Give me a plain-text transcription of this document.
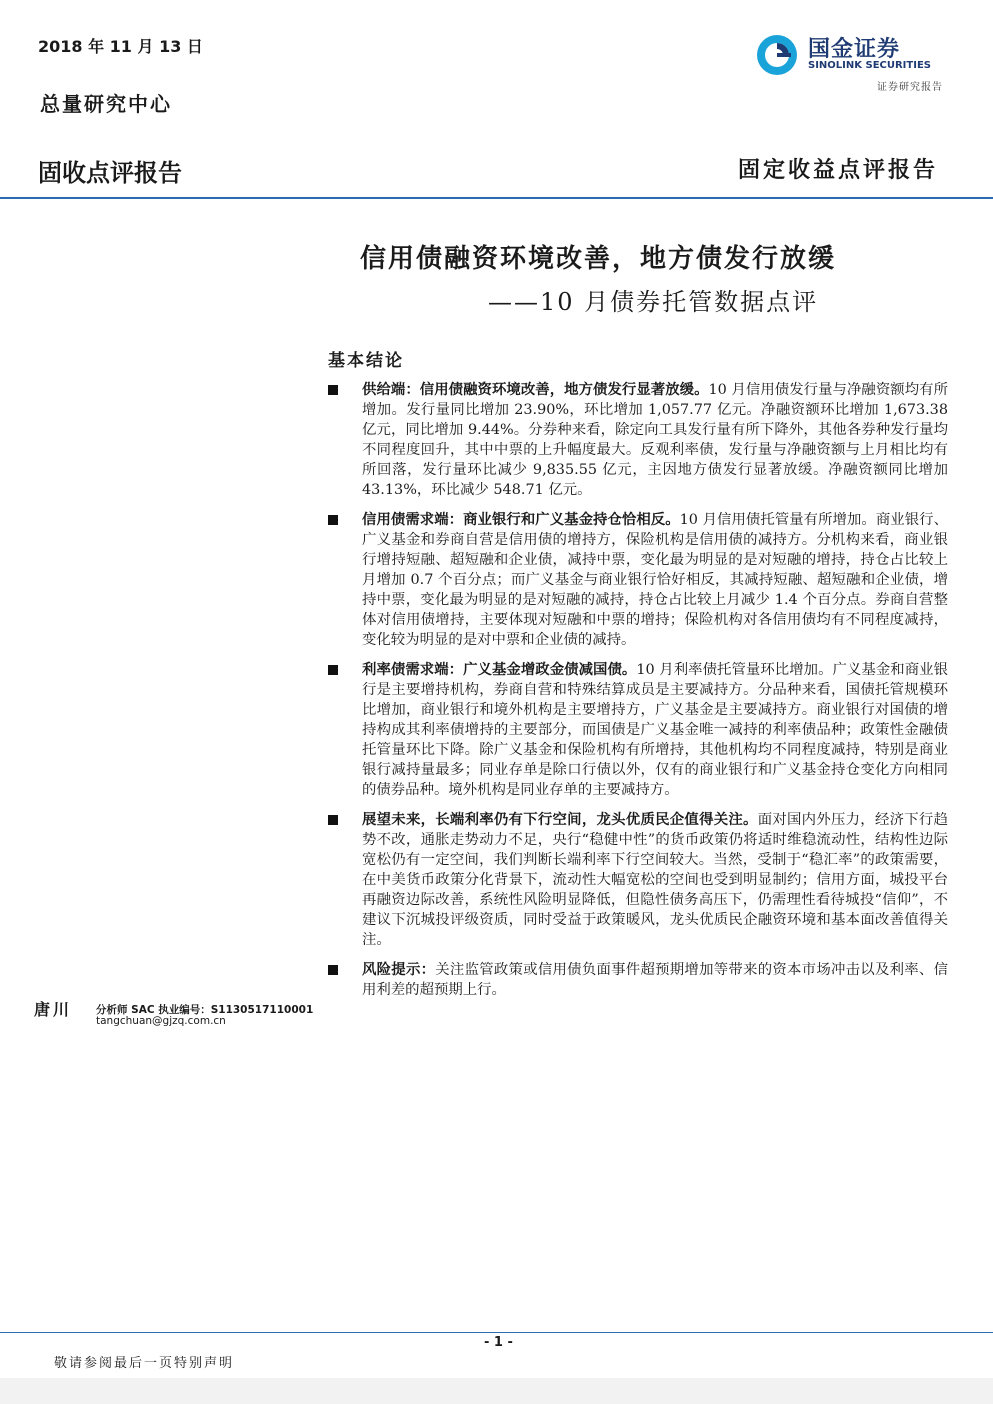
2018 年 11 月 13 日
总量研究中心
国金证券
SINOLINK SECURITIES
证券研究报告
固收点评报告	固定收益点评报告
信用债融资环境改善，地方债发行放缓
——10 月债券托管数据点评
基本结论
供给端：信用债融资环境改善，地方债发行显著放缓。10 月信用债发行量与净融资额均有所增加。发行量同比增加 23.90%，环比增加 1,057.77 亿元。净融资额环比增加 1,673.38 亿元，同比增加 9.44%。分券种来看，除定向工具发行量有所下降外，其他各券种发行量均不同程度回升，其中中票的上升幅度最大。反观利率债，发行量与净融资额与上月相比均有所回落，发行量环比减少 9,835.55 亿元，主因地方债发行显著放缓。净融资额同比增加 43.13%，环比减少 548.71 亿元。
信用债需求端：商业银行和广义基金持仓恰相反。10 月信用债托管量有所增加。商业银行、广义基金和券商自营是信用债的增持方，保险机构是信用债的减持方。分机构来看，商业银行增持短融、超短融和企业债，减持中票，变化最为明显的是对短融的增持，持仓占比较上月增加 0.7 个百分点；而广义基金与商业银行恰好相反，其减持短融、超短融和企业债，增持中票，变化最为明显的是对短融的减持，持仓占比较上月减少 1.4 个百分点。券商自营整体对信用债增持，主要体现对短融和中票的增持；保险机构对各信用债均有不同程度减持，变化较为明显的是对中票和企业债的减持。
利率债需求端：广义基金增政金债减国债。10 月利率债托管量环比增加。广义基金和商业银行是主要增持机构，券商自营和特殊结算成员是主要减持方。分品种来看，国债托管规模环比增加，商业银行和境外机构是主要增持方，广义基金是主要减持方。商业银行对国债的增持构成其利率债增持的主要部分，而国债是广义基金唯一减持的利率债品种；政策性金融债托管量环比下降。除广义基金和保险机构有所增持，其他机构均不同程度减持，特别是商业银行减持量最多；同业存单是除口行债以外，仅有的商业银行和广义基金持仓变化方向相同的债券品种。境外机构是同业存单的主要减持方。
展望未来，长端利率仍有下行空间，龙头优质民企值得关注。面对国内外压力，经济下行趋势不改，通胀走势动力不足，央行“稳健中性”的货币政策仍将适时维稳流动性，结构性边际宽松仍有一定空间，我们判断长端利率下行空间较大。当然，受制于“稳汇率”的政策需要，在中美货币政策分化背景下，流动性大幅宽松的空间也受到明显制约；信用方面，城投平台再融资边际改善，系统性风险明显降低，但隐性债务高压下，仍需理性看待城投“信仰”，不建议下沉城投评级资质，同时受益于政策暖风，龙头优质民企融资环境和基本面改善值得关注。
风险提示：关注监管政策或信用债负面事件超预期增加等带来的资本市场冲击以及利率、信用利差的超预期上行。
唐川 分析师 SAC 执业编号：S1130517110001
tangchuan@gjzq.com.cn
- 1 -
敬请参阅最后一页特别声明
